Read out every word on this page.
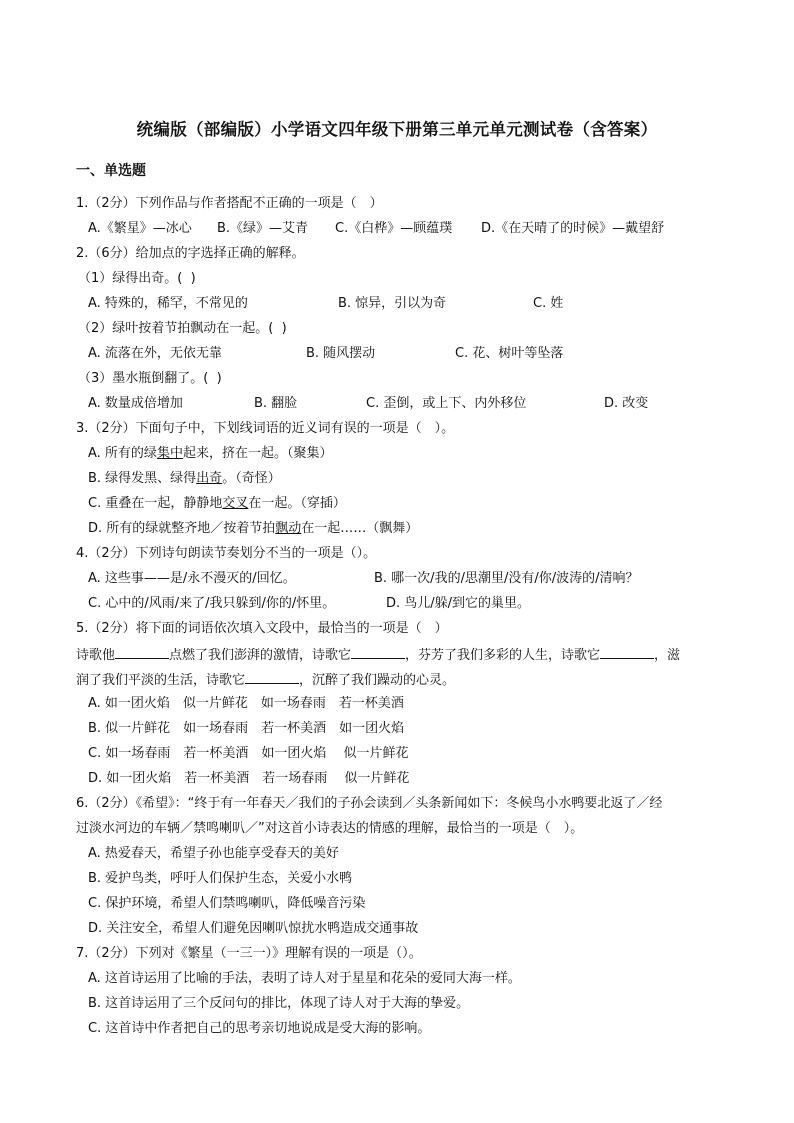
统编版（部编版）小学语文四年级下册第三单元单元测试卷（含答案）
一、单选题
1.（2分）下列作品与作者搭配不正确的一项是（　）

A.《繁星》—冰心

B.《绿》—艾青

C.《白桦》—顾蕴璞

D.《在天晴了的时候》—戴望舒

2.（6分）给加点的字选择正确的解释。
（1）绿得出奇。(  )

A. 特殊的，稀罕，不常见的

	B. 惊异，引以为奇

	C. 姓

（2）绿叶按着节拍飘动在一起。(  )

A. 流落在外，无依无靠

	B. 随风摆动

	C. 花、树叶等坠落

（3）墨水瓶倒翻了。(  )

A. 数量成倍增加

	B. 翻脸

	C. 歪倒，或上下、内外移位

	D. 改变

3.（2分）下面句子中，下划线词语的近义词有误的一项是（　）。
A. 所有的绿集中起来，挤在一起。（聚集）
B. 绿得发黑、绿得出奇。（奇怪）
C. 重叠在一起，静静地交叉在一起。（穿插）
D. 所有的绿就整齐地／按着节拍飘动在一起……（飘舞）
4.（2分）下列诗句朗读节奏划分不当的一项是（）。

A. 这些事——是/永不漫灭的/回忆。

	B. 哪一次/我的/思潮里/没有/你/波涛的/清响？

C. 心中的/风雨/来了/我只躲到/你的/怀里。

	D. 鸟儿/躲/到它的巢里。

5.（2分）将下面的词语依次填入文段中，最恰当的一项是（　）
诗歌他	点燃了我们澎湃的激情，诗歌它	，芬芳了我们多彩的人生，诗歌它	，滋
润了我们平淡的生活，诗歌它	，沉醉了我们躁动的心灵。
A. 如一团火焰　似一片鲜花　如一场春雨　若一杯美酒
B. 似一片鲜花　如一场春雨　若一杯美酒　如一团火焰
C. 如一场春雨　若一杯美酒　如一团火焰　 似一片鲜花
D. 如一团火焰　若一杯美酒　若一场春雨　 似一片鲜花
6.（2分）《希望》：“终于有一年春天／我们的子孙会读到／头条新闻如下：冬候鸟小水鸭要北返了／经
过淡水河边的车辆／禁鸣喇叭／”对这首小诗表达的情感的理解，最恰当的一项是（　）。
A. 热爱春天，希望子孙也能享受春天的美好
B. 爱护鸟类，呼吁人们保护生态，关爱小水鸭
C. 保护环境，希望人们禁鸣喇叭，降低噪音污染
D. 关注安全，希望人们避免因喇叭惊扰水鸭造成交通事故
7.（2分）下列对《繁星（一三一）》理解有误的一项是（）。
A. 这首诗运用了比喻的手法，表明了诗人对于星星和花朵的爱同大海一样。
B. 这首诗运用了三个反问句的排比，体现了诗人对于大海的挚爱。
C. 这首诗中作者把自己的思考亲切地说成是受大海的影响。
